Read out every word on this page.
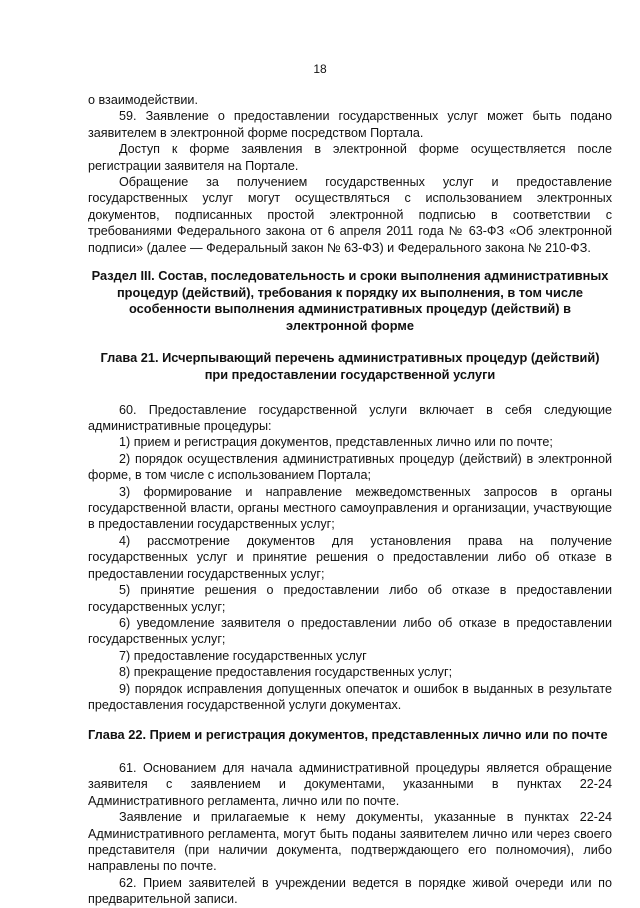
18

о взаимодействии.

59. Заявление о предоставлении государственных услуг может быть подано заявителем в электронной форме посредством Портала.

Доступ к форме заявления в электронной форме осуществляется после регистрации заявителя на Портале.

Обращение за получением государственных услуг и предоставление государственных услуг могут осуществляться с использованием электронных документов, подписанных простой электронной подписью в соответствии с требованиями Федерального закона от 6 апреля 2011 года № 63-ФЗ «Об электронной подписи» (далее — Федеральный закон № 63-ФЗ) и Федерального закона № 210-ФЗ.

Раздел III. Состав, последовательность и сроки выполнения административных процедур (действий), требования к порядку их выполнения, в том числе особенности выполнения административных процедур (действий) в электронной форме

Глава 21. Исчерпывающий перечень административных процедур (действий) при предоставлении государственной услуги

60. Предоставление государственной услуги включает в себя следующие административные процедуры:

1) прием и регистрация документов, представленных лично или по почте;

2) порядок осуществления административных процедур (действий) в электронной форме, в том числе с использованием Портала;

3) формирование и направление межведомственных запросов в органы государственной власти, органы местного самоуправления и организации, участвующие в предоставлении государственных услуг;

4) рассмотрение документов для установления права на получение государственных услуг и принятие решения о предоставлении либо об отказе в предоставлении государственных услуг;

5) принятие решения о предоставлении либо об отказе в предоставлении государственных услуг;

6) уведомление заявителя о предоставлении либо об отказе в предоставлении государственных услуг;

7) предоставление государственных услуг

8) прекращение предоставления государственных услуг;

9) порядок исправления допущенных опечаток и ошибок в выданных в результате предоставления государственной услуги документах.

Глава 22. Прием и регистрация документов, представленных лично или по почте

61. Основанием для начала административной процедуры является обращение заявителя с заявлением и документами, указанными в пунктах 22-24 Административного регламента, лично или по почте.

Заявление и прилагаемые к нему документы, указанные в пунктах 22-24 Административного регламента, могут быть поданы заявителем лично или через своего представителя (при наличии документа, подтверждающего его полномочия), либо направлены по почте.

62. Прием заявителей в учреждении ведется в порядке живой очереди или по предварительной записи.
